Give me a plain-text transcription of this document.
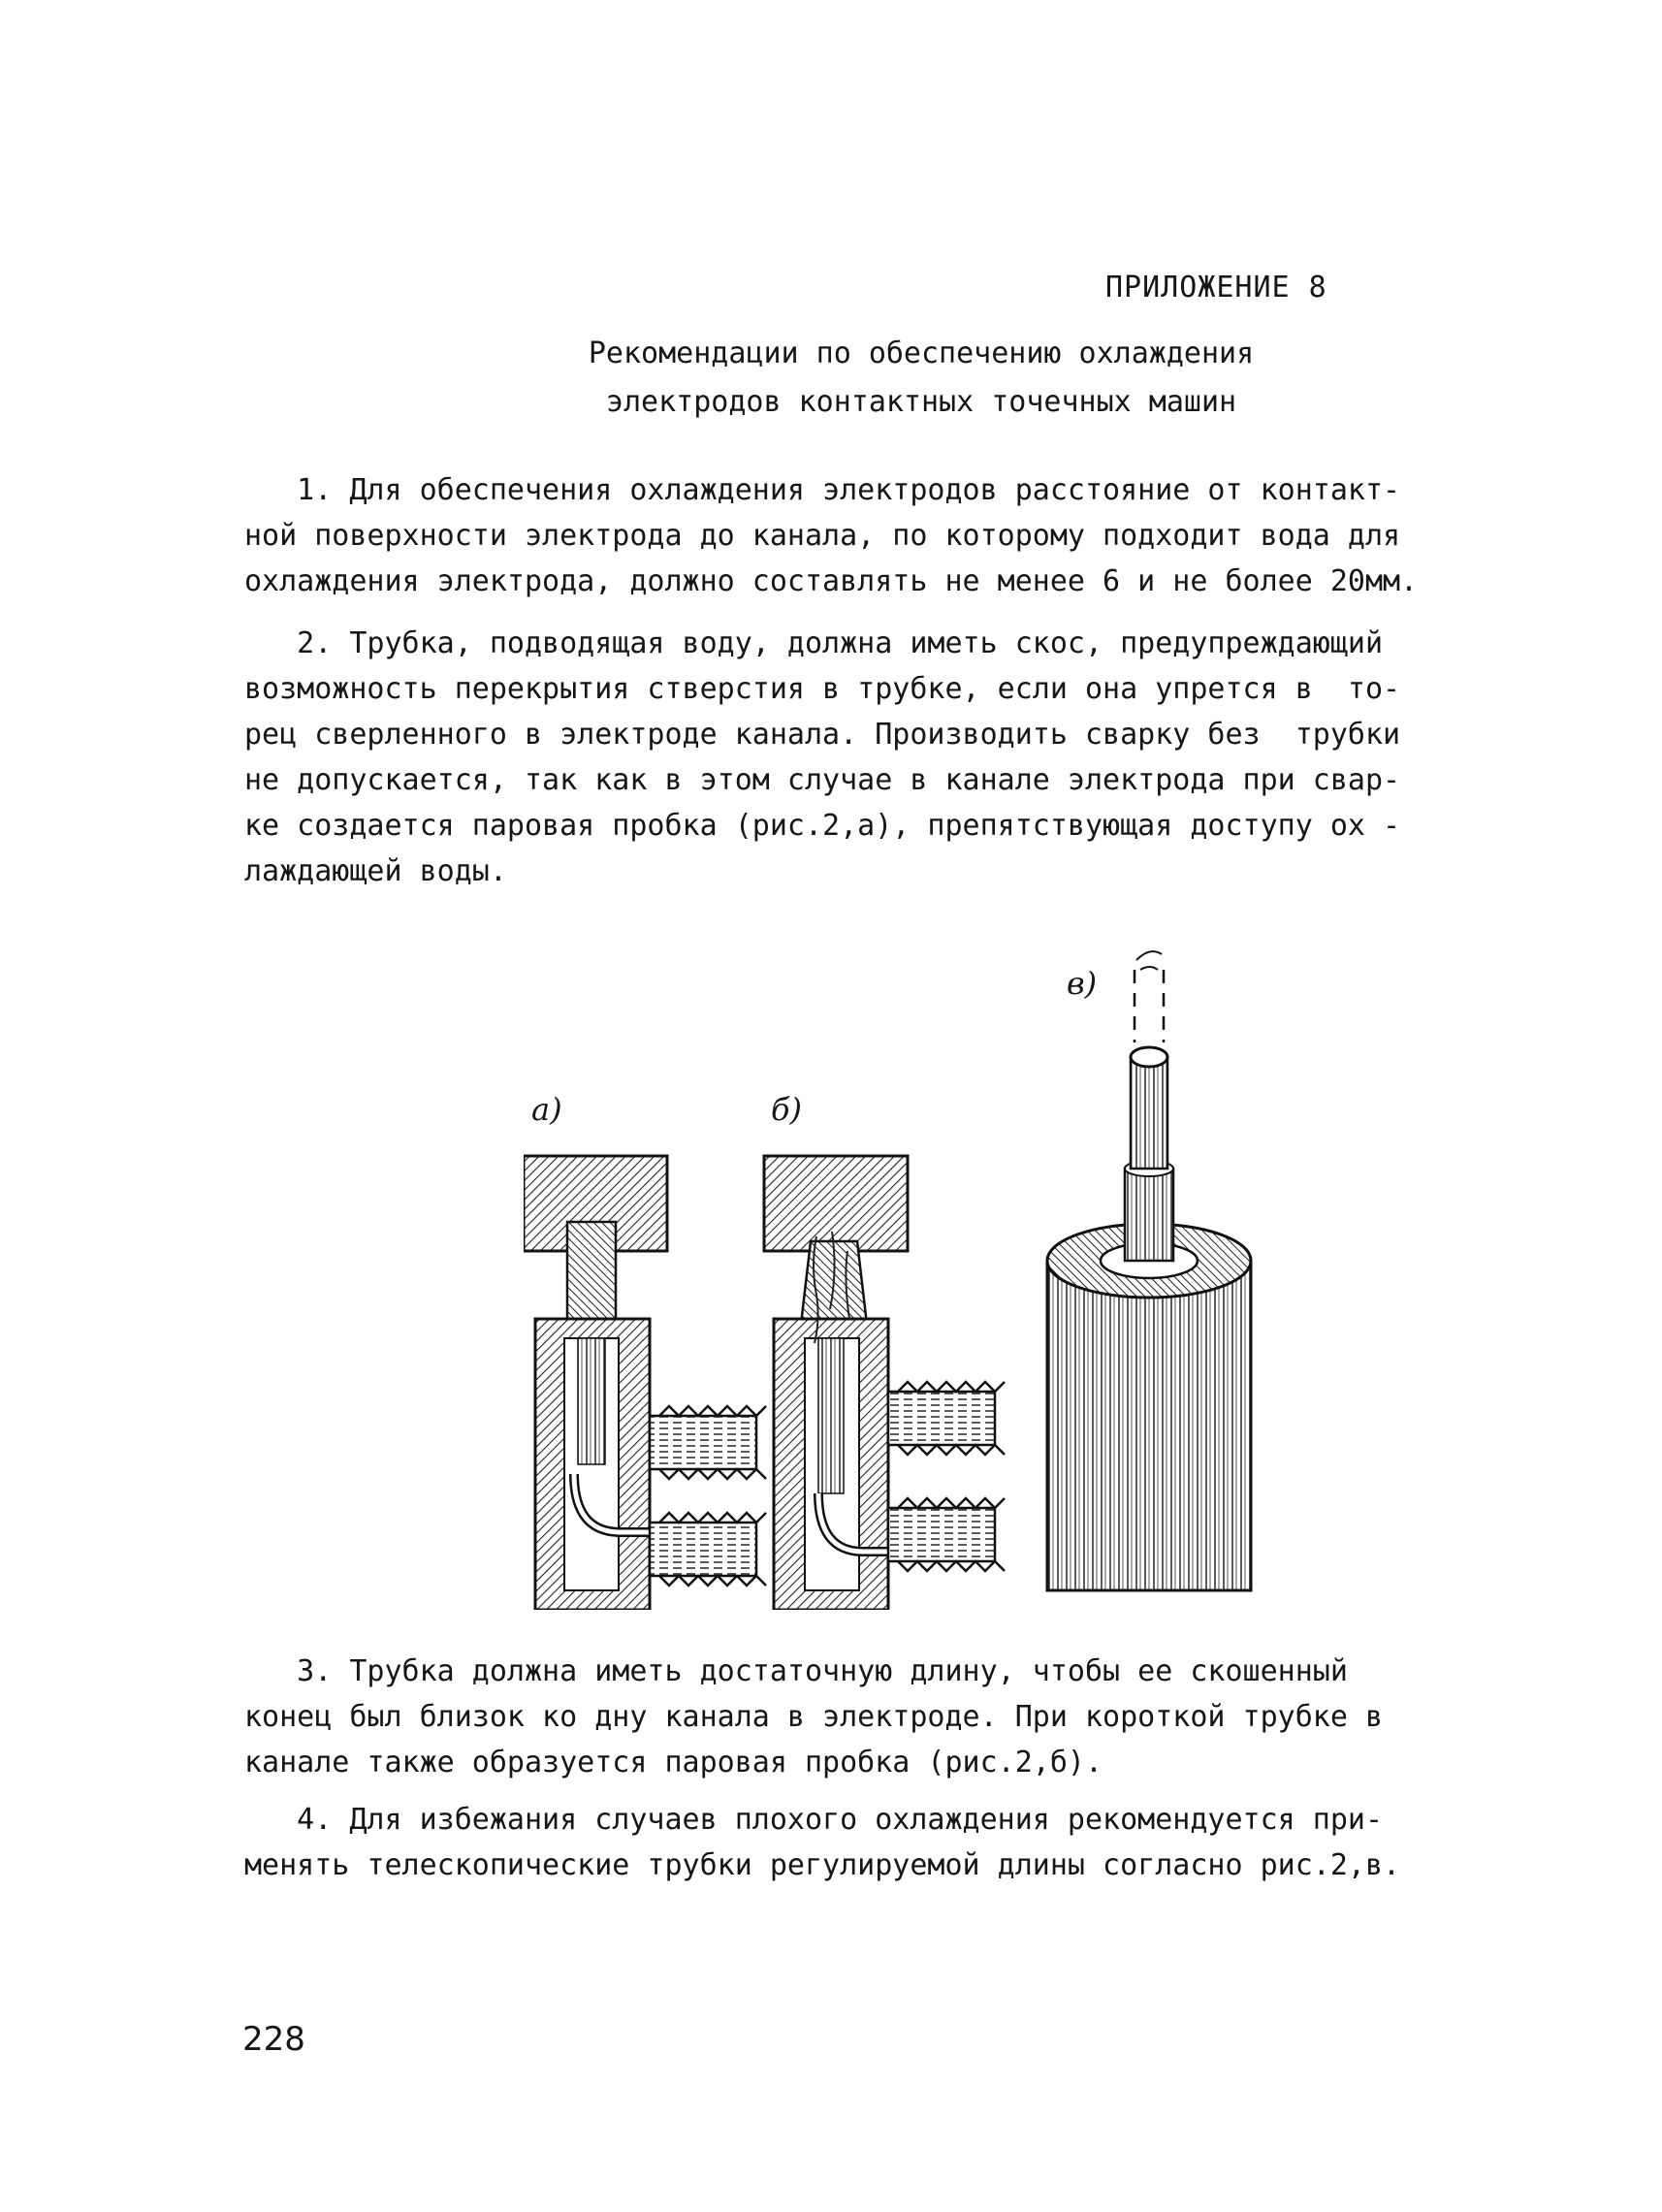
ПРИЛОЖЕНИЕ 8
Рекомендации по обеспечению охлаждения
электродов контактных точечных машин
1. Для обеспечения охлаждения электродов расстояние от контакт-
ной поверхности электрода до канала, по которому подходит вода для
охлаждения электрода, должно составлять не менее 6 и не более 20мм.
2. Трубка, подводящая воду, должна иметь скос, предупреждающий
возможность перекрытия стверстия в трубке, если она упрется в  то-
рец сверленного в электроде канала. Производить сварку без  трубки
не допускается, так как в этом случае в канале электрода при свар-
ке создается паровая пробка (рис.2,а), препятствующая доступу ох -
лаждающей воды.
а)	б)
в)
3. Трубка должна иметь достаточную длину, чтобы ее скошенный
конец был близок ко дну канала в электроде. При короткой трубке в
канале также образуется паровая пробка (рис.2,б).
4. Для избежания случаев плохого охлаждения рекомендуется при-
менять телескопические трубки регулируемой длины согласно рис.2,в.
228
